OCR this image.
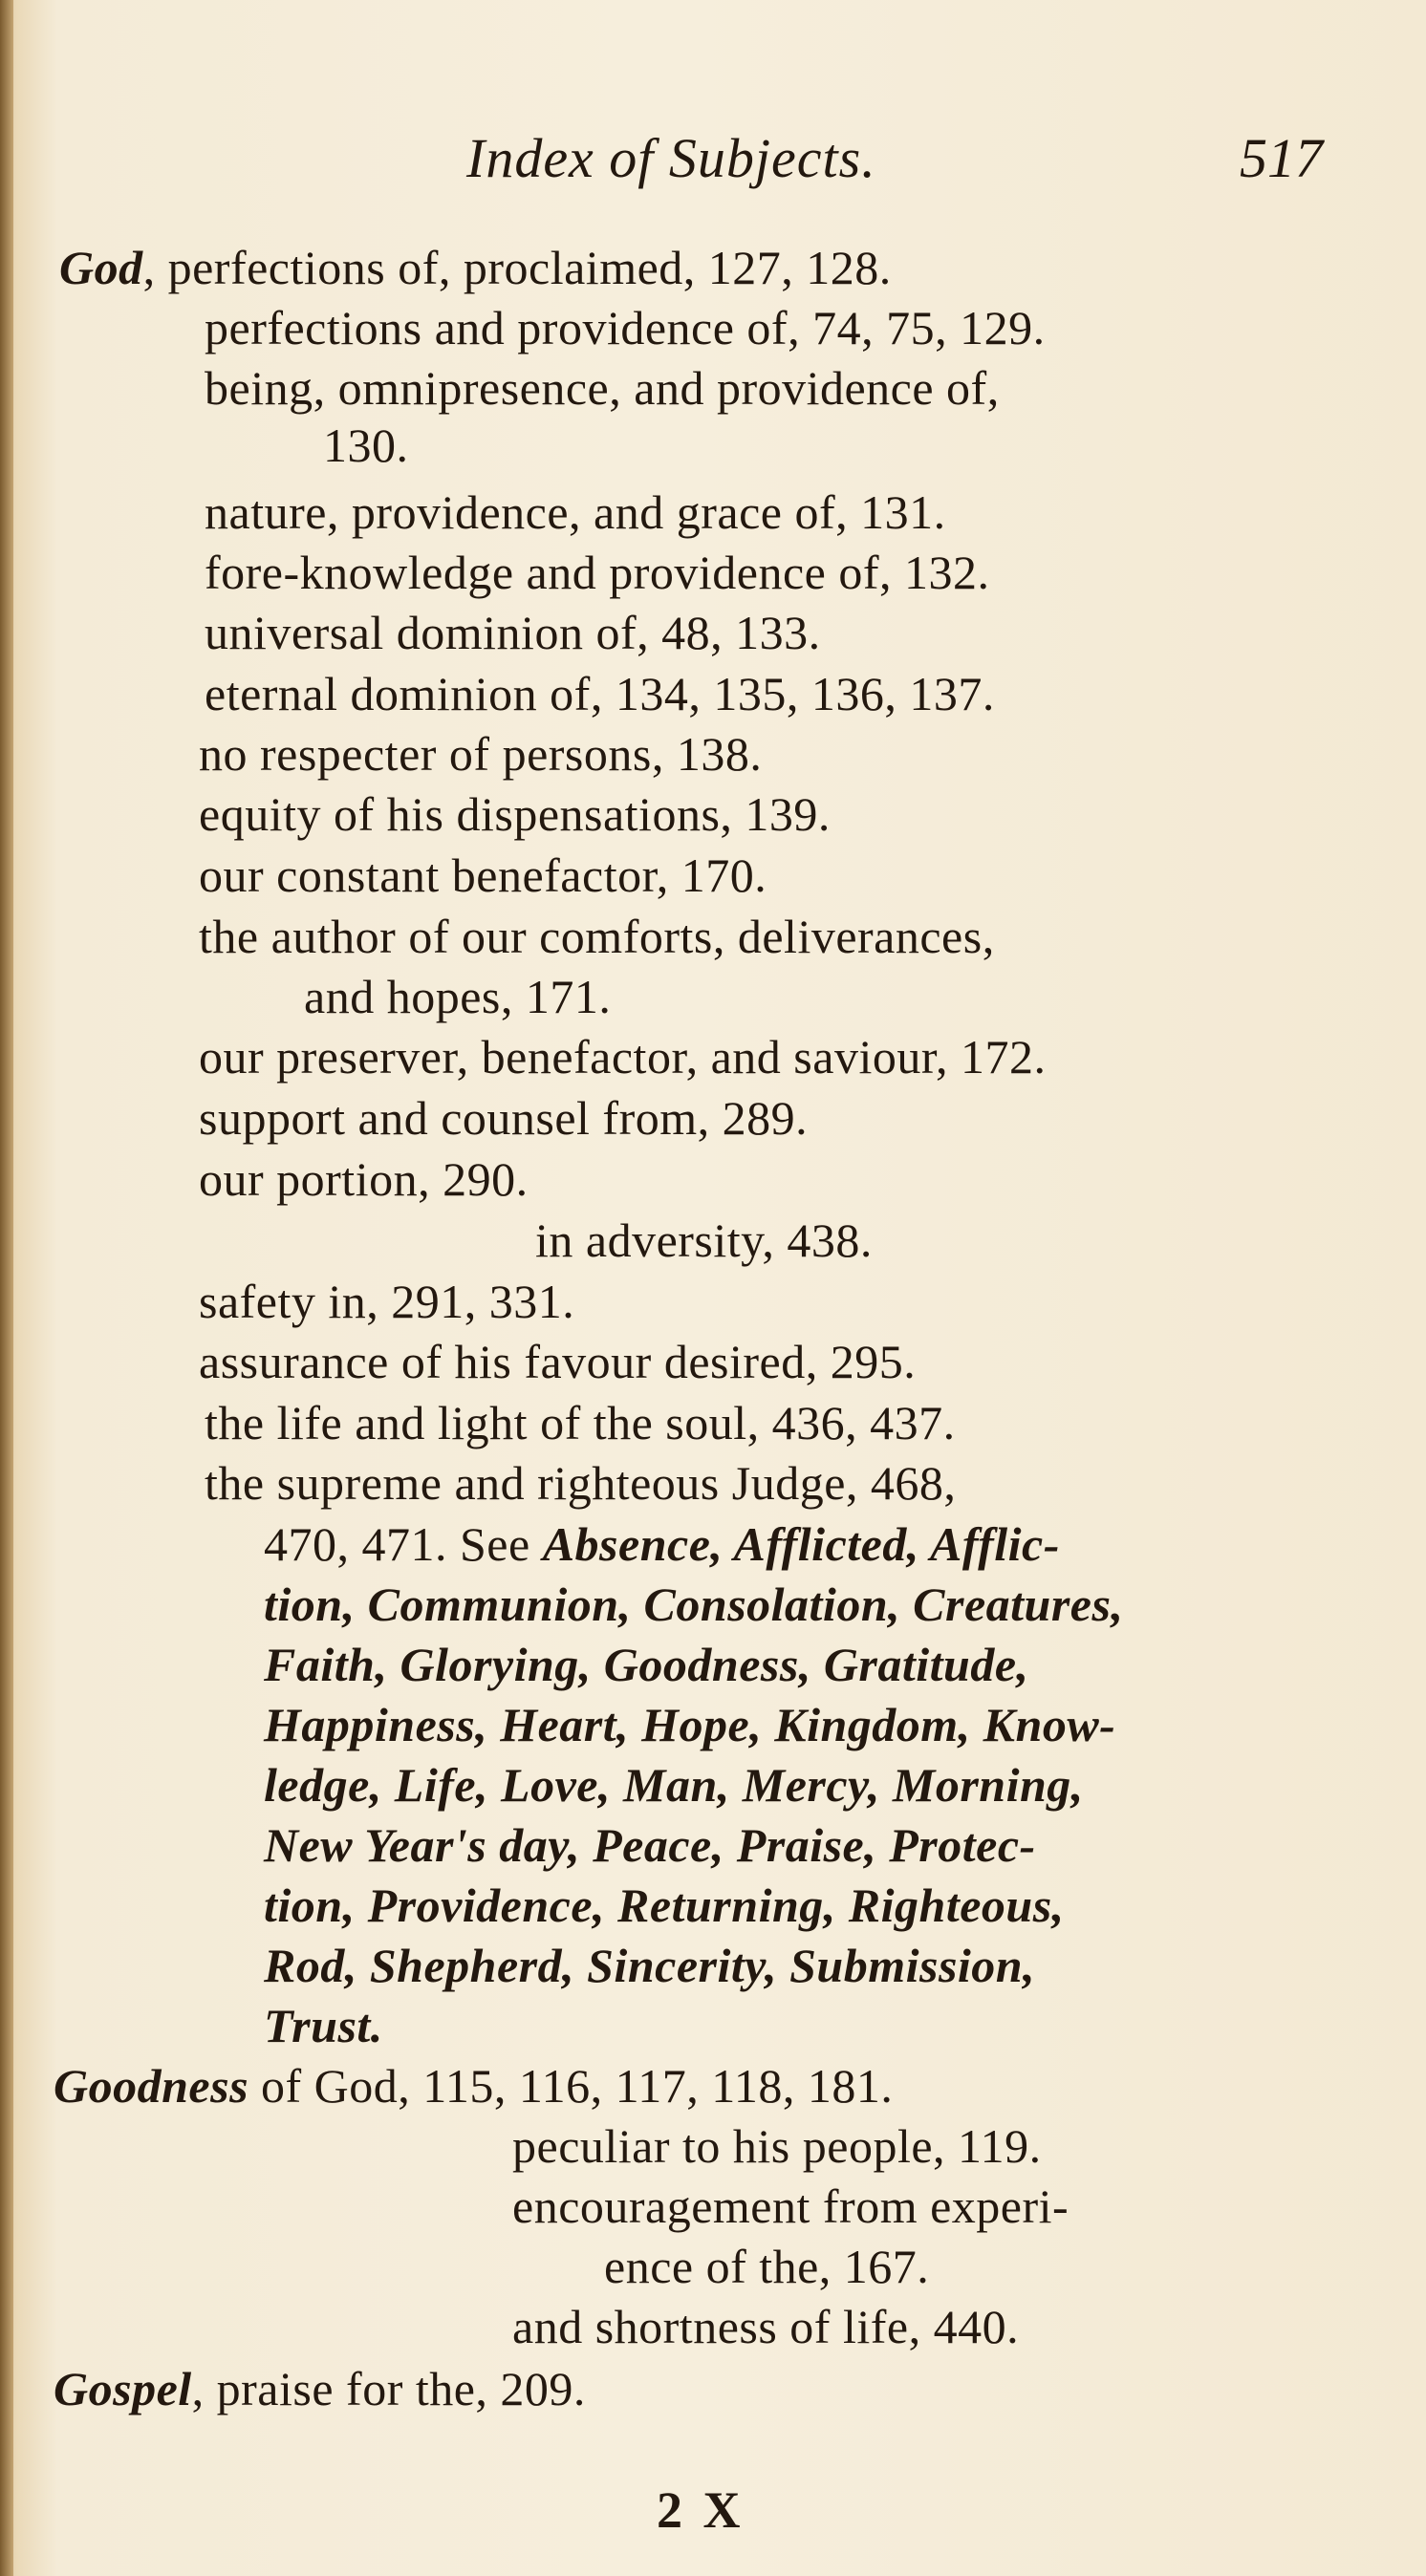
Index of Subjects.	517
God, perfections of, proclaimed, 127, 128.
perfections and providence of, 74, 75, 129.
being, omnipresence, and providence of,
130.
nature, providence, and grace of, 131.
fore-knowledge and providence of, 132.
universal dominion of, 48, 133.
eternal dominion of, 134, 135, 136, 137.
no respecter of persons, 138.
equity of his dispensations, 139.
our constant benefactor, 170.
the author of our comforts, deliverances,
and hopes, 171.
our preserver, benefactor, and saviour, 172.
support and counsel from, 289.
our portion, 290.
in adversity, 438.
safety in, 291, 331.
assurance of his favour desired, 295.
the life and light of the soul, 436, 437.
the supreme and righteous Judge, 468,
470, 471. See Absence, Afflicted, Afflic-
tion, Communion, Consolation, Creatures,
Faith, Glorying, Goodness, Gratitude,
Happiness, Heart, Hope, Kingdom, Know-
ledge, Life, Love, Man, Mercy, Morning,
New Year's day, Peace, Praise, Protec-
tion, Providence, Returning, Righteous,
Rod, Shepherd, Sincerity, Submission,
Trust.
Goodness of God, 115, 116, 117, 118, 181.
peculiar to his people, 119.
encouragement from experi-
ence of the, 167.
and shortness of life, 440.
Gospel, praise for the, 209.
2 X
